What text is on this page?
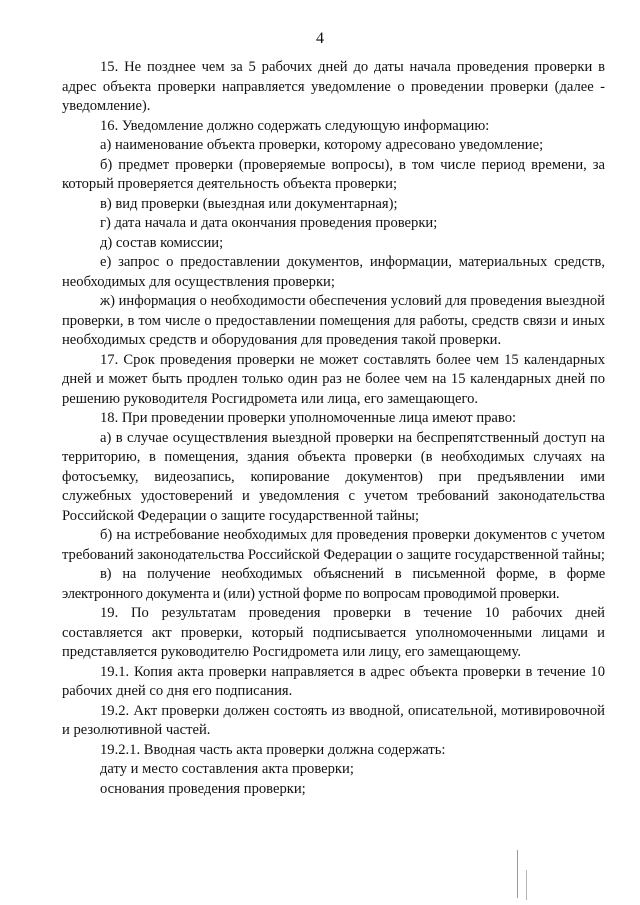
4

15. Не позднее чем за 5 рабочих дней до даты начала проведения проверки в адрес объекта проверки направляется уведомление о проведении проверки (далее - уведомление).

16. Уведомление должно содержать следующую информацию:

а) наименование объекта проверки, которому адресовано уведомление;

б) предмет проверки (проверяемые вопросы), в том числе период времени, за который проверяется деятельность объекта проверки;

в) вид проверки (выездная или документарная);

г) дата начала и дата окончания проведения проверки;

д) состав комиссии;

е) запрос о предоставлении документов, информации, материальных средств, необходимых для осуществления проверки;

ж) информация о необходимости обеспечения условий для проведения выездной проверки, в том числе о предоставлении помещения для работы, средств связи и иных необходимых средств и оборудования для проведения такой проверки.

17. Срок проведения проверки не может составлять более чем 15 календарных дней и может быть продлен только один раз не более чем на 15 календарных дней по решению руководителя Росгидромета или лица, его замещающего.

18. При проведении проверки уполномоченные лица имеют право:

а) в случае осуществления выездной проверки на беспрепятственный доступ на территорию, в помещения, здания объекта проверки (в необходимых случаях на фотосъемку, видеозапись, копирование документов) при предъявлении ими служебных удостоверений и уведомления с учетом требований законодательства Российской Федерации о защите государственной тайны;

б) на истребование необходимых для проведения проверки документов с учетом требований законодательства Российской Федерации о защите государственной тайны;

в) на получение необходимых объяснений в письменной форме, в форме электронного документа и (или) устной форме по вопросам проводимой проверки.

19. По результатам проведения проверки в течение 10 рабочих дней составляется акт проверки, который подписывается уполномоченными лицами и представляется руководителю Росгидромета или лицу, его замещающему.

19.1. Копия акта проверки направляется в адрес объекта проверки в течение 10 рабочих дней со дня его подписания.

19.2. Акт проверки должен состоять из вводной, описательной, мотивировочной и резолютивной частей.

19.2.1. Вводная часть акта проверки должна содержать:

дату и место составления акта проверки;

основания проведения проверки;
